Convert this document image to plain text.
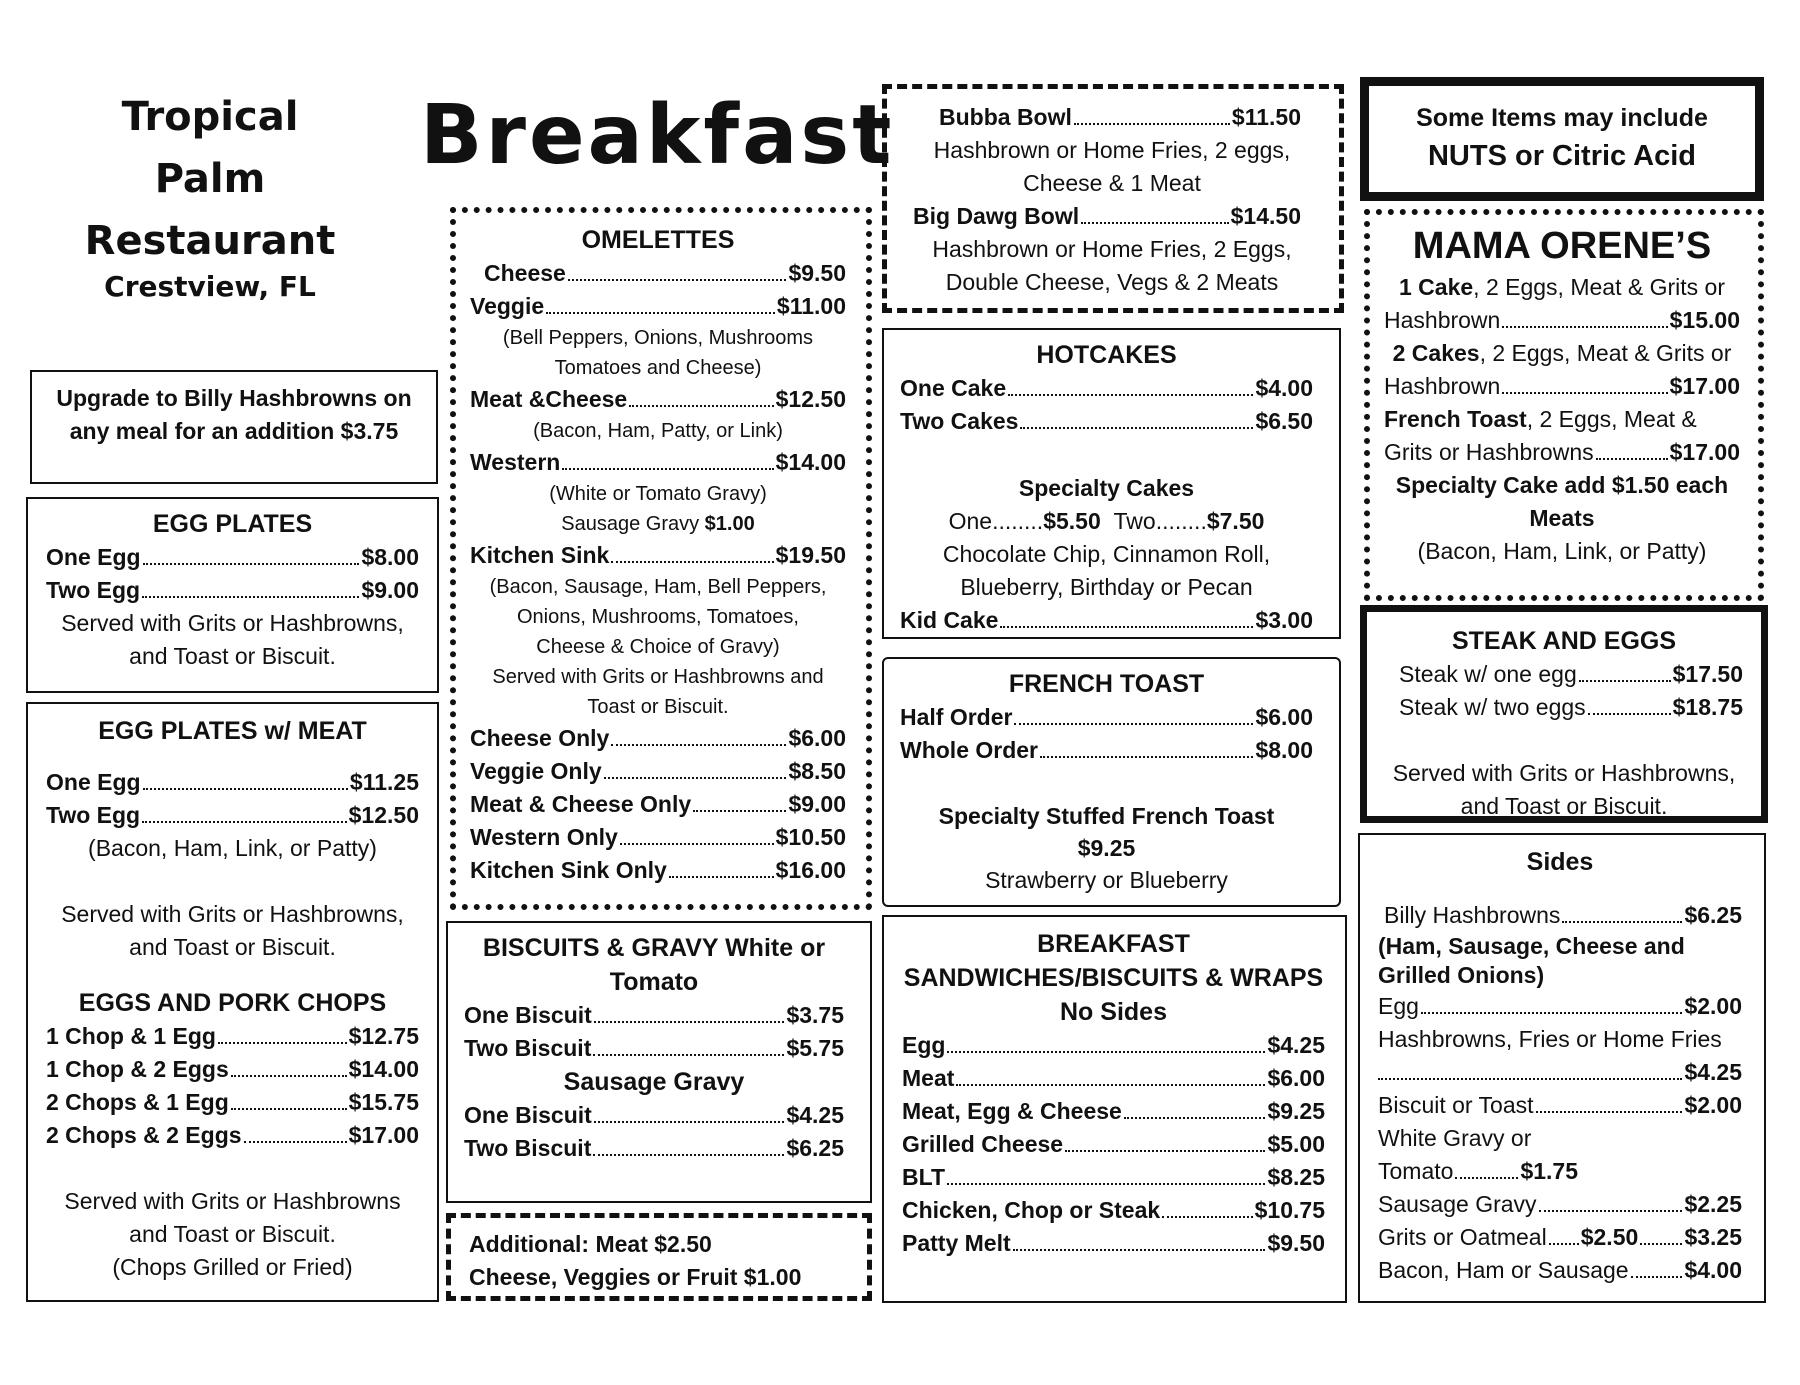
Tropical
Palm
Restaurant
Crestview, FL
Breakfast
Upgrade to Billy Hashbrowns on
any meal for an addition $3.75
EGG PLATES
One Egg	$8.00
Two Egg	$9.00
Served with Grits or Hashbrowns,
and Toast or Biscuit.
EGG PLATES w/ MEAT
One Egg	$11.25
Two Egg	$12.50
(Bacon, Ham, Link, or Patty)
Served with Grits or Hashbrowns,
and Toast or Biscuit.
EGGS AND PORK CHOPS
1 Chop & 1 Egg	$12.75
1 Chop & 2 Eggs	$14.00
2 Chops & 1 Egg	$15.75
2 Chops & 2 Eggs	$17.00
Served with Grits or Hashbrowns
and Toast or Biscuit.
(Chops Grilled or Fried)
OMELETTES
Cheese	$9.50
Veggie	$11.00
(Bell Peppers, Onions, Mushrooms
Tomatoes and Cheese)
Meat &Cheese	$12.50
(Bacon, Ham, Patty, or Link)
Western	$14.00
(White or Tomato Gravy)
Sausage Gravy $1.00
Kitchen Sink	$19.50
(Bacon, Sausage, Ham, Bell Peppers,
Onions, Mushrooms, Tomatoes,
Cheese & Choice of Gravy)
Served with Grits or Hashbrowns and
Toast or Biscuit.
Cheese Only	$6.00
Veggie Only	$8.50
Meat & Cheese Only	$9.00
Western Only	$10.50
Kitchen Sink Only	$16.00
BISCUITS & GRAVY White or
Tomato
One Biscuit	$3.75
Two Biscuit	$5.75
Sausage Gravy
One Biscuit	$4.25
Two Biscuit	$6.25
Additional: Meat $2.50
Cheese, Veggies or Fruit $1.00
Bubba Bowl	$11.50
Hashbrown or Home Fries, 2 eggs,
Cheese & 1 Meat
Big Dawg Bowl	$14.50
Hashbrown or Home Fries, 2 Eggs,
Double Cheese, Vegs & 2 Meats
HOTCAKES
One Cake	$4.00
Two Cakes	$6.50
Specialty Cakes
One........$5.50 Two........$7.50
Chocolate Chip, Cinnamon Roll,
Blueberry, Birthday or Pecan
Kid Cake	$3.00
FRENCH TOAST
Half Order	$6.00
Whole Order	$8.00
Specialty Stuffed French Toast
$9.25
Strawberry or Blueberry
BREAKFAST
SANDWICHES/BISCUITS & WRAPS
No Sides
Egg	$4.25
Meat	$6.00
Meat, Egg & Cheese	$9.25
Grilled Cheese	$5.00
BLT	$8.25
Chicken, Chop or Steak	$10.75
Patty Melt	$9.50
Some Items may include
NUTS or Citric Acid
MAMA ORENE’S
1 Cake, 2 Eggs, Meat & Grits or
Hashbrown	$15.00
2 Cakes, 2 Eggs, Meat & Grits or
Hashbrown	$17.00
French Toast, 2 Eggs, Meat &
Grits or Hashbrowns	$17.00
Specialty Cake add $1.50 each
Meats
(Bacon, Ham, Link, or Patty)
STEAK AND EGGS
Steak w/ one egg	$17.50
Steak w/ two eggs	$18.75
Served with Grits or Hashbrowns,
and Toast or Biscuit.
Sides
Billy Hashbrowns	$6.25
(Ham, Sausage, Cheese and
Grilled Onions)
Egg	$2.00
Hashbrowns, Fries or Home Fries
$4.25
Biscuit or Toast	$2.00
White Gravy or
Tomato	$1.75
Sausage Gravy	$2.25
Grits or Oatmeal $2.50 $3.25
Bacon, Ham or Sausage $4.00
